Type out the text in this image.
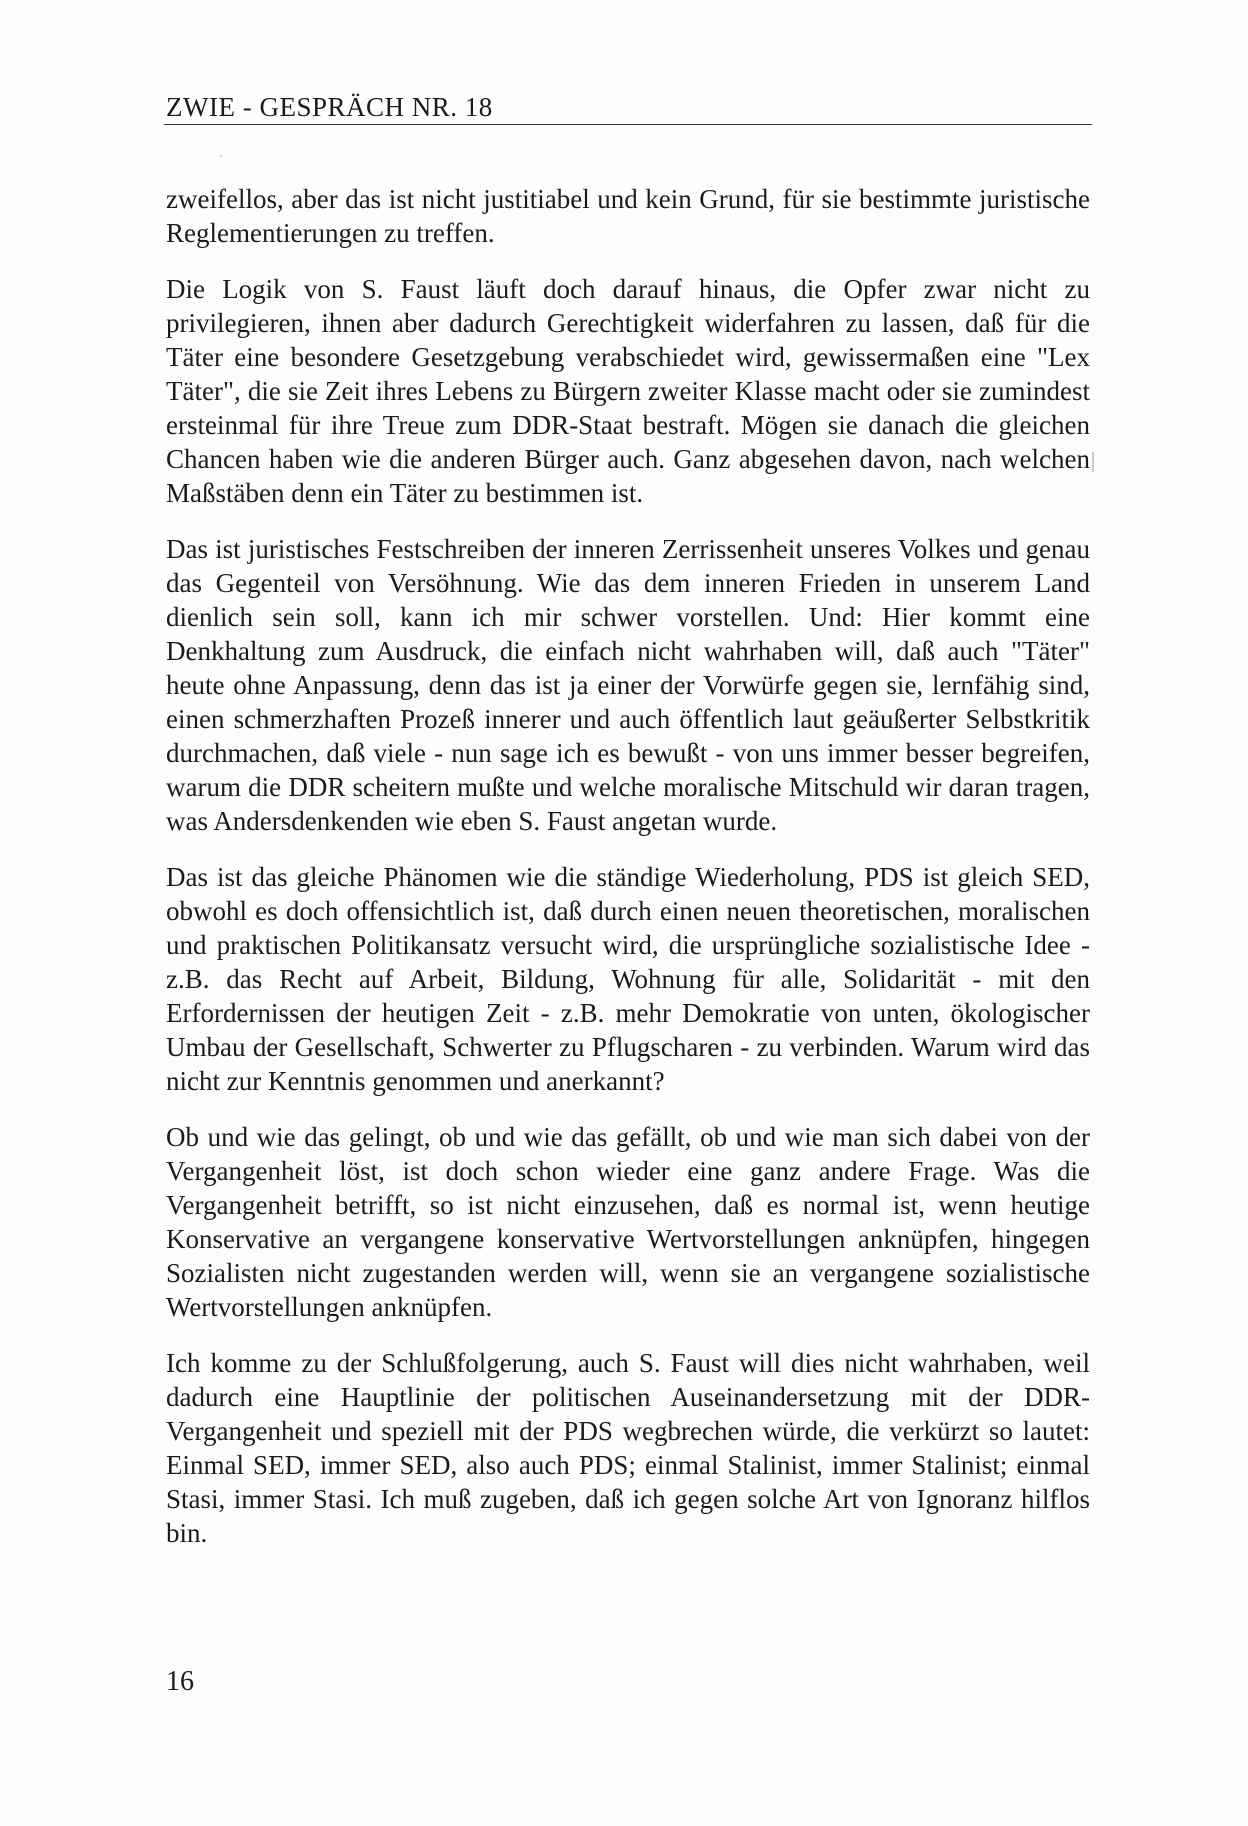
ZWIE - GESPRÄCH NR. 18

zweifellos, aber das ist nicht justitiabel und kein Grund, für sie bestimmte juristische Reglementierungen zu treffen.

Die Logik von S. Faust läuft doch darauf hinaus, die Opfer zwar nicht zu privilegieren, ihnen aber dadurch Gerechtigkeit widerfahren zu lassen, daß für die Täter eine besondere Gesetzgebung verabschiedet wird, gewissermaßen eine "Lex Täter", die sie Zeit ihres Lebens zu Bürgern zweiter Klasse macht oder sie zumindest ersteinmal für ihre Treue zum DDR-Staat bestraft. Mögen sie danach die gleichen Chancen haben wie die anderen Bürger auch. Ganz abgesehen davon, nach welchen Maßstäben denn ein Täter zu bestimmen ist.

Das ist juristisches Festschreiben der inneren Zerrissenheit unseres Volkes und genau das Gegenteil von Versöhnung. Wie das dem inneren Frieden in unserem Land dienlich sein soll, kann ich mir schwer vorstellen. Und: Hier kommt eine Denkhaltung zum Ausdruck, die einfach nicht wahrhaben will, daß auch "Täter" heute ohne Anpassung, denn das ist ja einer der Vorwürfe gegen sie, lernfähig sind, einen schmerzhaften Prozeß innerer und auch öffentlich laut geäußerter Selbstkritik durchmachen, daß viele - nun sage ich es bewußt - von uns immer besser begreifen, warum die DDR scheitern mußte und welche moralische Mitschuld wir daran tragen, was Andersdenkenden wie eben S. Faust angetan wurde.

Das ist das gleiche Phänomen wie die ständige Wiederholung, PDS ist gleich SED, obwohl es doch offensichtlich ist, daß durch einen neuen theoretischen, moralischen und praktischen Politikansatz versucht wird, die ursprüngliche sozialistische Idee - z.B. das Recht auf Arbeit, Bildung, Wohnung für alle, Solidarität - mit den Erfordernissen der heutigen Zeit - z.B. mehr Demokratie von unten, ökologischer Umbau der Gesellschaft, Schwerter zu Pflugscharen - zu verbinden. Warum wird das nicht zur Kenntnis genommen und anerkannt?

Ob und wie das gelingt, ob und wie das gefällt, ob und wie man sich dabei von der Vergangenheit löst, ist doch schon wieder eine ganz andere Frage. Was die Vergangenheit betrifft, so ist nicht einzusehen, daß es normal ist, wenn heutige Konservative an vergangene konservative Wertvorstellungen anknüpfen, hingegen Sozialisten nicht zugestanden werden will, wenn sie an vergangene sozialistische Wertvorstellungen anknüpfen.

Ich komme zu der Schlußfolgerung, auch S. Faust will dies nicht wahrhaben, weil dadurch eine Hauptlinie der politischen Auseinandersetzung mit der DDR-Vergangenheit und speziell mit der PDS wegbrechen würde, die verkürzt so lautet: Einmal SED, immer SED, also auch PDS; einmal Stalinist, immer Stalinist; einmal Stasi, immer Stasi. Ich muß zugeben, daß ich gegen solche Art von Ignoranz hilflos bin.

16
